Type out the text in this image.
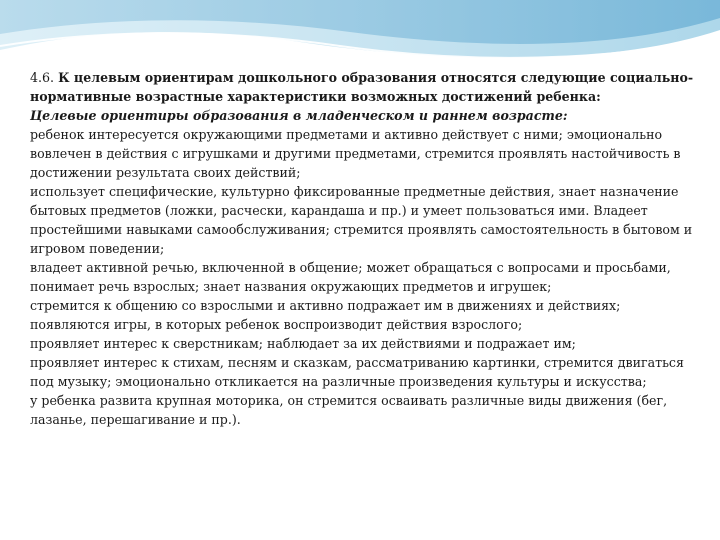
4.6. К целевым ориентирам дошкольного образования относятся следующие социально-нормативные возрастные характеристики возможных достижений ребенка:

Целевые ориентиры образования в младенческом и раннем возрасте:

ребенок интересуется окружающими предметами и активно действует с ними; эмоционально вовлечен в действия с игрушками и другими предметами, стремится проявлять настойчивость в достижении результата своих действий;
использует специфические, культурно фиксированные предметные действия, знает назначение бытовых предметов (ложки, расчески, карандаша и пр.) и умеет пользоваться ими. Владеет простейшими навыками самообслуживания; стремится проявлять самостоятельность в бытовом и игровом поведении;
владеет активной речью, включенной в общение; может обращаться с вопросами и просьбами, понимает речь взрослых; знает названия окружающих предметов и игрушек;
стремится к общению со взрослыми и активно подражает им в движениях и действиях;
появляются игры, в которых ребенок воспроизводит действия взрослого;
проявляет интерес к сверстникам; наблюдает за их действиями и подражает им;
проявляет интерес к стихам, песням и сказкам, рассматриванию картинки, стремится двигаться под музыку; эмоционально откликается на различные произведения культуры и искусства;
у ребенка развита крупная моторика, он стремится осваивать различные виды движения (бег, лазанье, перешагивание и пр.).
